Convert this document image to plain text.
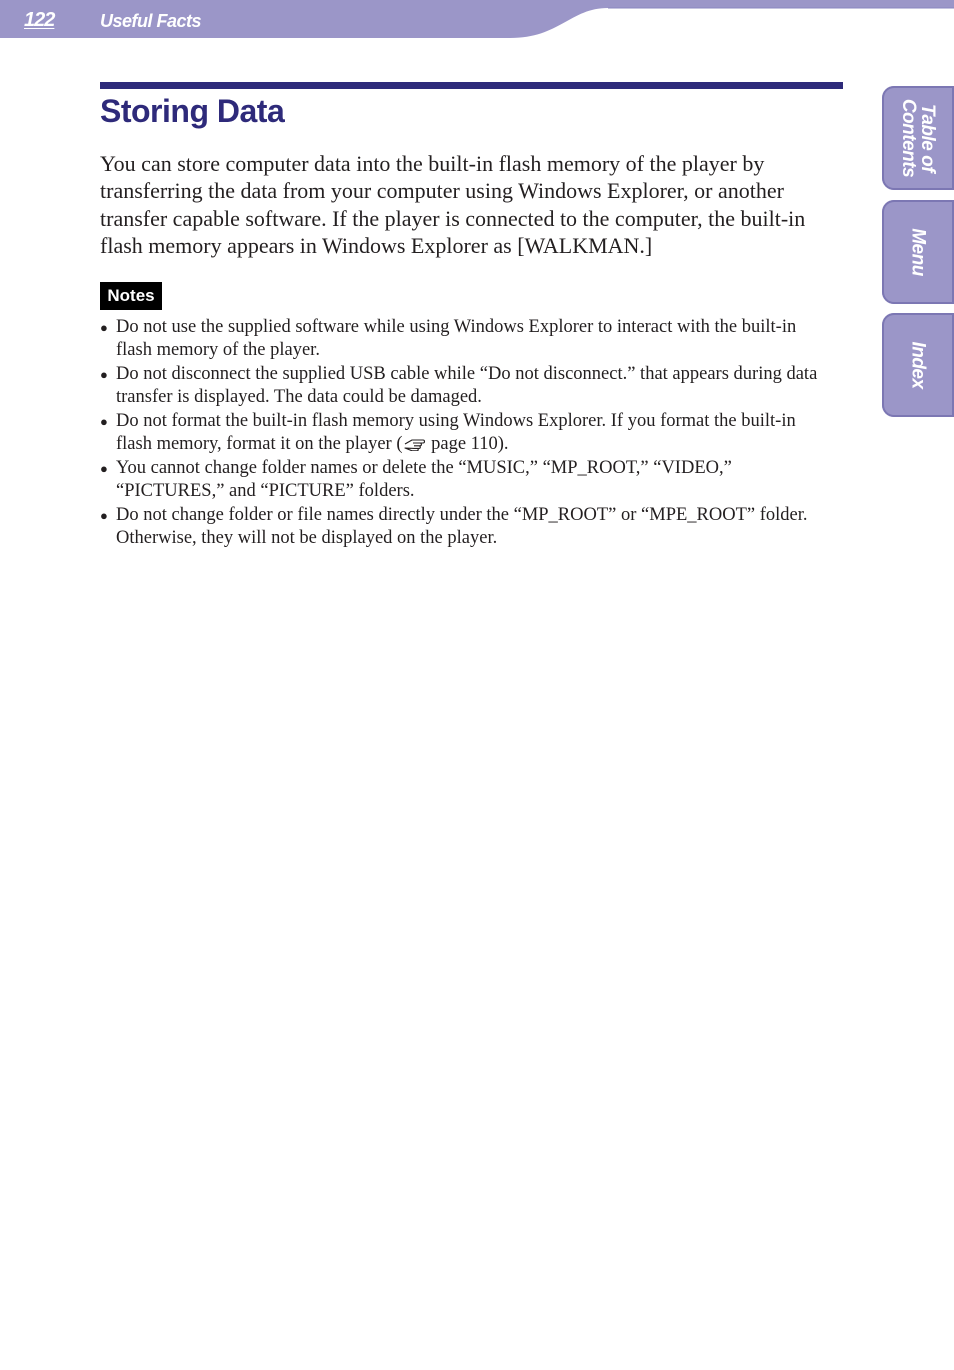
122	Useful Facts
Storing Data

You can store computer data into the built-in flash memory of the player by transferring the data from your computer using Windows Explorer, or another transfer capable software. If the player is connected to the computer, the built-in flash memory appears in Windows Explorer as [WALKMAN.]

Notes
● Do not use the supplied software while using Windows Explorer to interact with the built-in flash memory of the player.
● Do not disconnect the supplied USB cable while “Do not disconnect.” that appears during data transfer is displayed. The data could be damaged.
● Do not format the built-in flash memory using Windows Explorer. If you format the built-in flash memory, format it on the player ( page 110).
● You cannot change folder names or delete the “MUSIC,” “MP_ROOT,” “VIDEO,” “PICTURES,” and “PICTURE” folders.
● Do not change folder or file names directly under the “MP_ROOT” or “MPE_ROOT” folder. Otherwise, they will not be displayed on the player.
Table of
Contents
Menu
Index
